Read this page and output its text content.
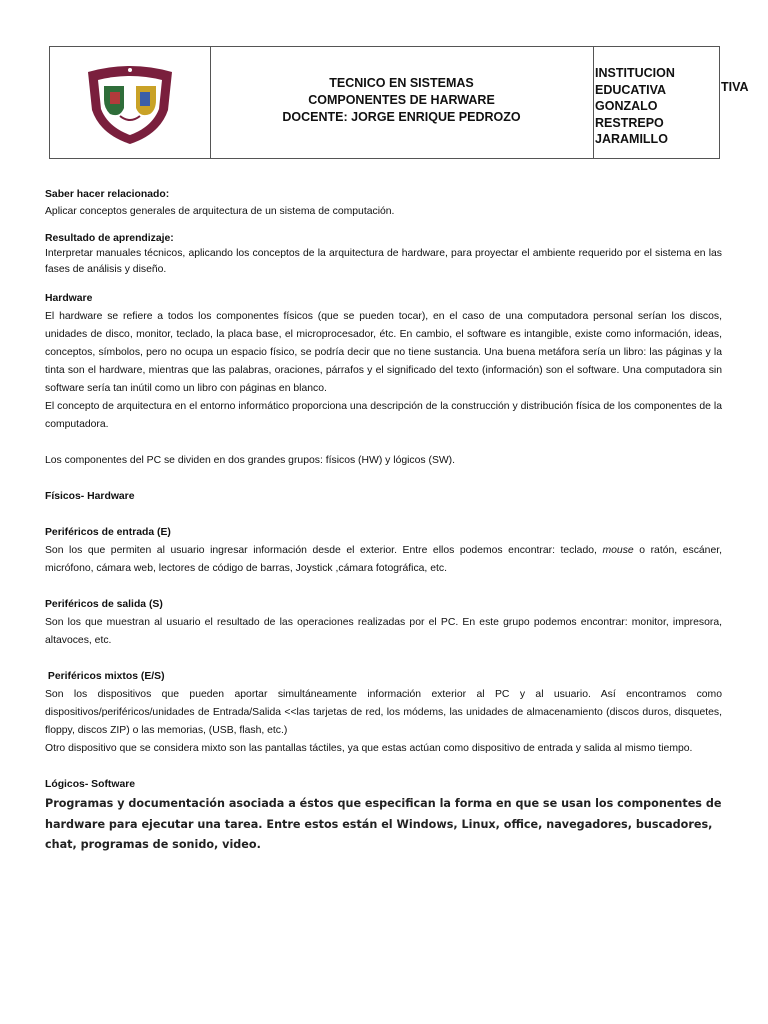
TECNICO EN SISTEMAS
COMPONENTES DE HARWARE
DOCENTE: JORGE ENRIQUE PEDROZO
INSTITUCION
EDUCATIVA
GONZALO
RESTREPO
JARAMILLO
TIVA

Saber hacer relacionado:

Aplicar conceptos generales de arquitectura de un sistema de computación.

Resultado de aprendizaje:

Interpretar manuales técnicos, aplicando los conceptos de la arquitectura de hardware, para proyectar el ambiente requerido por el sistema en las fases de análisis y diseño.

Hardware

El hardware se refiere a todos los componentes físicos (que se pueden tocar), en el caso de una computadora personal serían los discos, unidades de disco, monitor, teclado, la placa base, el microprocesador, étc. En cambio, el software es intangible, existe como información, ideas, conceptos, símbolos, pero no ocupa un espacio físico, se podría decir que no tiene sustancia. Una buena metáfora sería un libro: las páginas y la tinta son el hardware, mientras que las palabras, oraciones, párrafos y el significado del texto (información) son el software. Una computadora sin software sería tan inútil como un libro con páginas en blanco.

El concepto de arquitectura en el entorno informático proporciona una descripción de la construcción y distribución física de los componentes de la computadora.

Los componentes del PC se dividen en dos grandes grupos: físicos (HW) y lógicos (SW).

Físicos- Hardware

Periféricos de entrada (E)

Son los que permiten al usuario ingresar información desde el exterior. Entre ellos podemos encontrar: teclado, mouse o ratón, escáner, micrófono, cámara web, lectores de código de barras, Joystick ,cámara fotográfica, etc.

Periféricos de salida (S)

Son los que muestran al usuario el resultado de las operaciones realizadas por el PC. En este grupo podemos encontrar: monitor, impresora, altavoces, etc.

Periféricos mixtos (E/S)

Son los dispositivos que pueden aportar simultáneamente información exterior al PC y al usuario. Así encontramos como dispositivos/periféricos/unidades de Entrada/Salida <<las tarjetas de red, los módems, las unidades de almacenamiento (discos duros, disquetes, floppy, discos ZIP) o las memorias, (USB, flash, etc.)

Otro dispositivo que se considera mixto son las pantallas táctiles, ya que estas actúan como dispositivo de entrada y salida al mismo tiempo.

Lógicos- Software

Programas y documentación asociada a éstos que especifican la forma en que se usan los componentes de hardware para ejecutar una tarea. Entre estos están el Windows, Linux, office, navegadores, buscadores, chat, programas de sonido, video.
